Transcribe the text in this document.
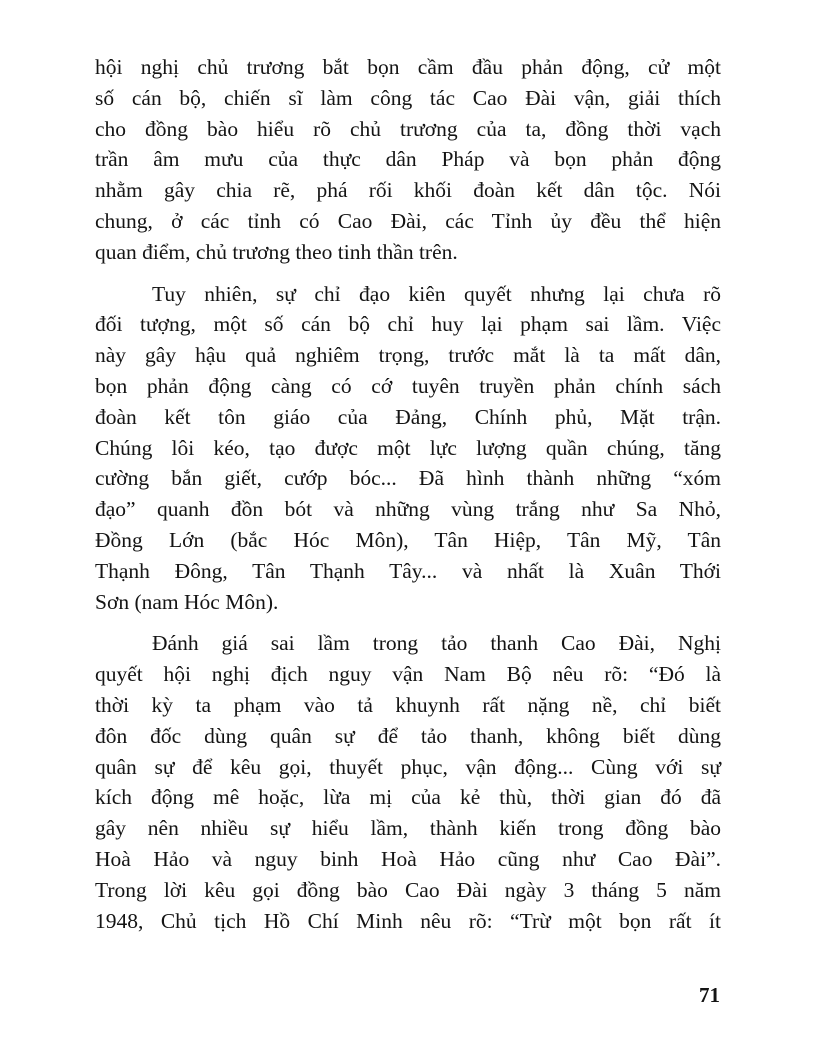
hội nghị chủ trương bắt bọn cầm đầu phản động, cử một
số cán bộ, chiến sĩ làm công tác Cao Đài vận, giải thích
cho đồng bào hiểu rõ chủ trương của ta, đồng thời vạch
trần âm mưu của thực dân Pháp và bọn phản động
nhằm gây chia rẽ, phá rối khối đoàn kết dân tộc. Nói
chung, ở các tỉnh có Cao Đài, các Tỉnh ủy đều thể hiện
quan điểm, chủ trương theo tinh thần trên.
Tuy nhiên, sự chỉ đạo kiên quyết nhưng lại chưa rõ
đối tượng, một số cán bộ chỉ huy lại phạm sai lầm. Việc
này gây hậu quả nghiêm trọng, trước mắt là ta mất dân,
bọn phản động càng có cớ tuyên truyền phản chính sách
đoàn kết tôn giáo của Đảng, Chính phủ, Mặt trận.
Chúng lôi kéo, tạo được một lực lượng quần chúng, tăng
cường bắn giết, cướp bóc... Đã hình thành những “xóm
đạo” quanh đồn bót và những vùng trắng như Sa Nhỏ,
Đồng Lớn (bắc Hóc Môn), Tân Hiệp, Tân Mỹ, Tân
Thạnh Đông, Tân Thạnh Tây... và nhất là Xuân Thới
Sơn (nam Hóc Môn).
Đánh giá sai lầm trong tảo thanh Cao Đài, Nghị
quyết hội nghị địch nguy vận Nam Bộ nêu rõ: “Đó là
thời kỳ ta phạm vào tả khuynh rất nặng nề, chỉ biết
đôn đốc dùng quân sự để tảo thanh, không biết dùng
quân sự để kêu gọi, thuyết phục, vận động... Cùng với sự
kích động mê hoặc, lừa mị của kẻ thù, thời gian đó đã
gây nên nhiều sự hiểu lầm, thành kiến trong đồng bào
Hoà Hảo và nguy binh Hoà Hảo cũng như Cao Đài”.
Trong lời kêu gọi đồng bào Cao Đài ngày 3 tháng 5 năm
1948, Chủ tịch Hồ Chí Minh nêu rõ: “Trừ một bọn rất ít
71
